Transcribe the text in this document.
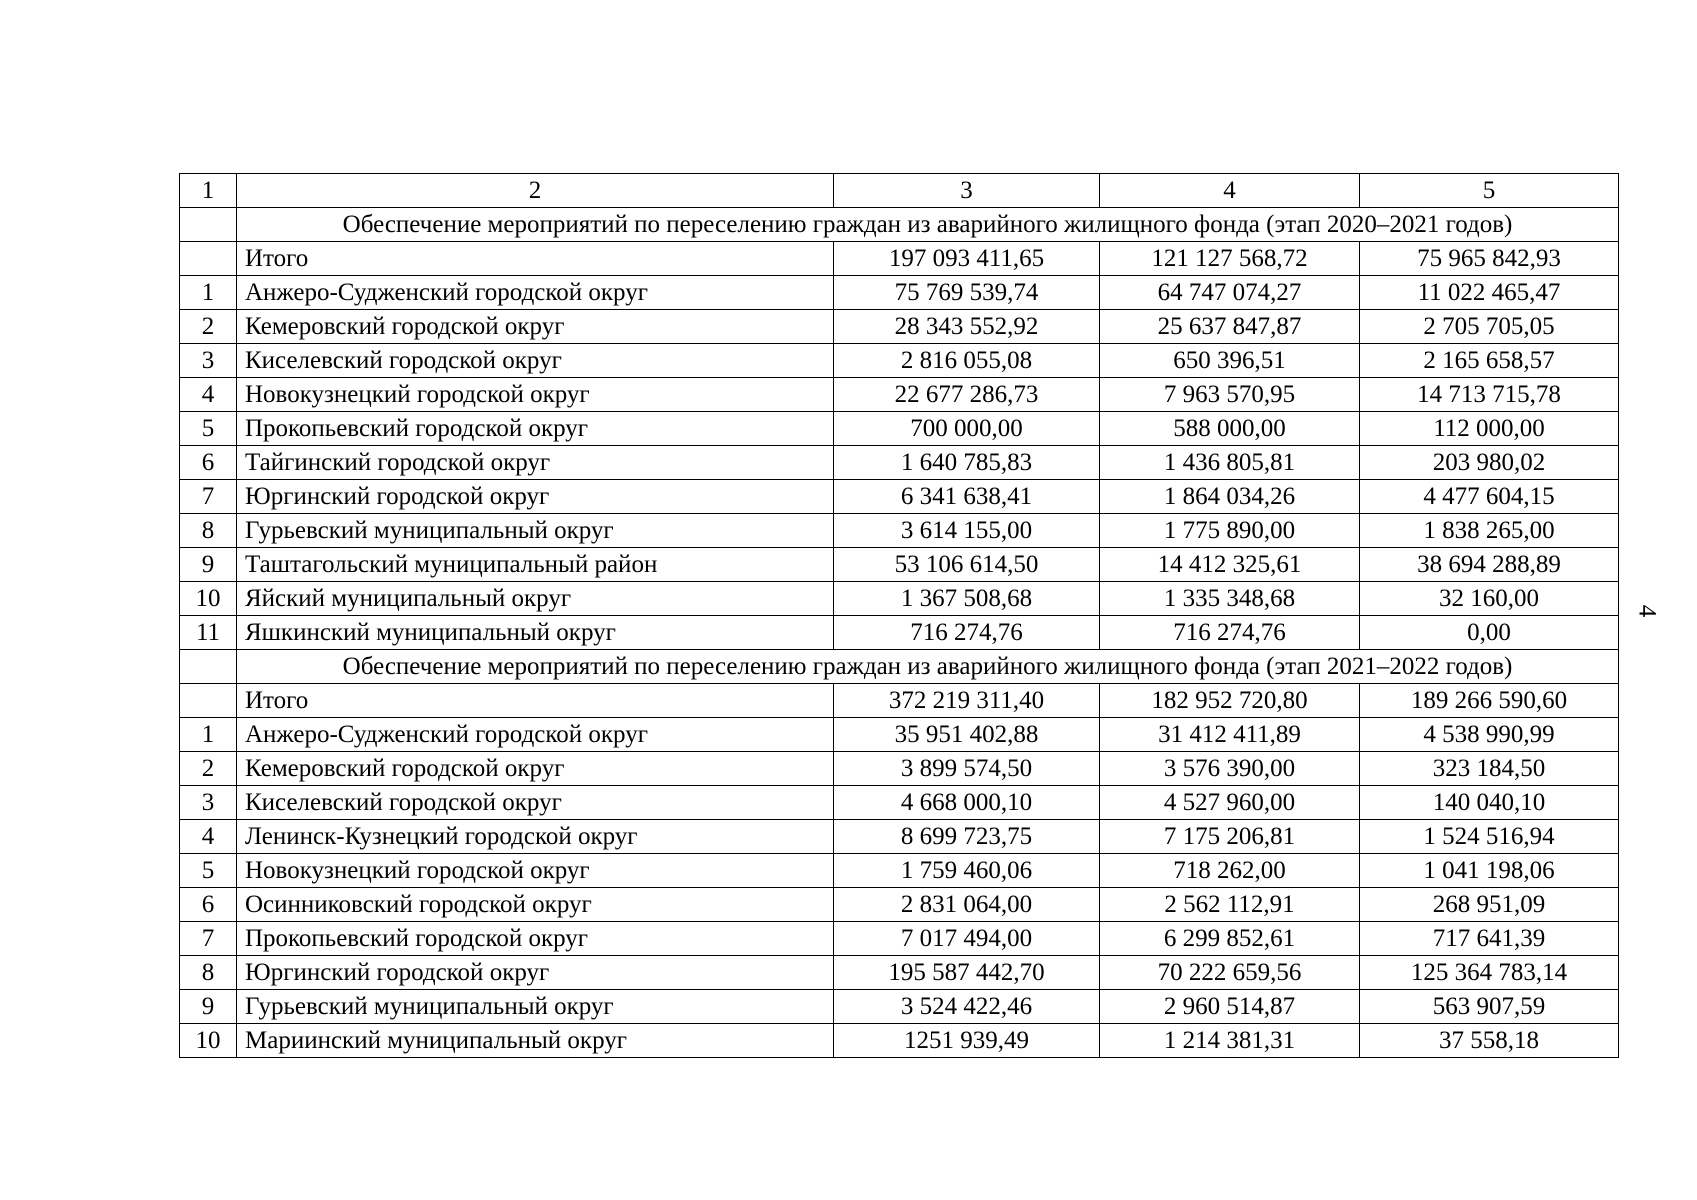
1	2	3	4	5
	Обеспечение мероприятий по переселению граждан из аварийного жилищного фонда (этап 2020–2021 годов)			
	Итого	197 093 411,65	121 127 568,72	75 965 842,93
1	Анжеро-Судженский городской округ	75 769 539,74	64 747 074,27	11 022 465,47
2	Кемеровский городской округ	28 343 552,92	25 637 847,87	2 705 705,05
3	Киселевский городской округ	2 816 055,08	650 396,51	2 165 658,57
4	Новокузнецкий городской округ	22 677 286,73	7 963 570,95	14 713 715,78
5	Прокопьевский городской округ	700 000,00	588 000,00	112 000,00
6	Тайгинский городской округ	1 640 785,83	1 436 805,81	203 980,02
7	Юргинский городской округ	6 341 638,41	1 864 034,26	4 477 604,15
8	Гурьевский муниципальный округ	3 614 155,00	1 775 890,00	1 838 265,00
9	Таштагольский муниципальный район	53 106 614,50	14 412 325,61	38 694 288,89
10	Яйский муниципальный округ	1 367 508,68	1 335 348,68	32 160,00
11	Яшкинский муниципальный округ	716 274,76	716 274,76	0,00
	Обеспечение мероприятий по переселению граждан из аварийного жилищного фонда (этап 2021–2022 годов)			
	Итого	372 219 311,40	182 952 720,80	189 266 590,60
1	Анжеро-Судженский городской округ	35 951 402,88	31 412 411,89	4 538 990,99
2	Кемеровский городской округ	3 899 574,50	3 576 390,00	323 184,50
3	Киселевский городской округ	4 668 000,10	4 527 960,00	140 040,10
4	Ленинск-Кузнецкий городской округ	8 699 723,75	7 175 206,81	1 524 516,94
5	Новокузнецкий городской округ	1 759 460,06	718 262,00	1 041 198,06
6	Осинниковский городской округ	2 831 064,00	2 562 112,91	268 951,09
7	Прокопьевский городской округ	7 017 494,00	6 299 852,61	717 641,39
8	Юргинский городской округ	195 587 442,70	70 222 659,56	125 364 783,14
9	Гурьевский муниципальный округ	3 524 422,46	2 960 514,87	563 907,59
10	Мариинский муниципальный округ	1251 939,49	1 214 381,31	37 558,18
4
